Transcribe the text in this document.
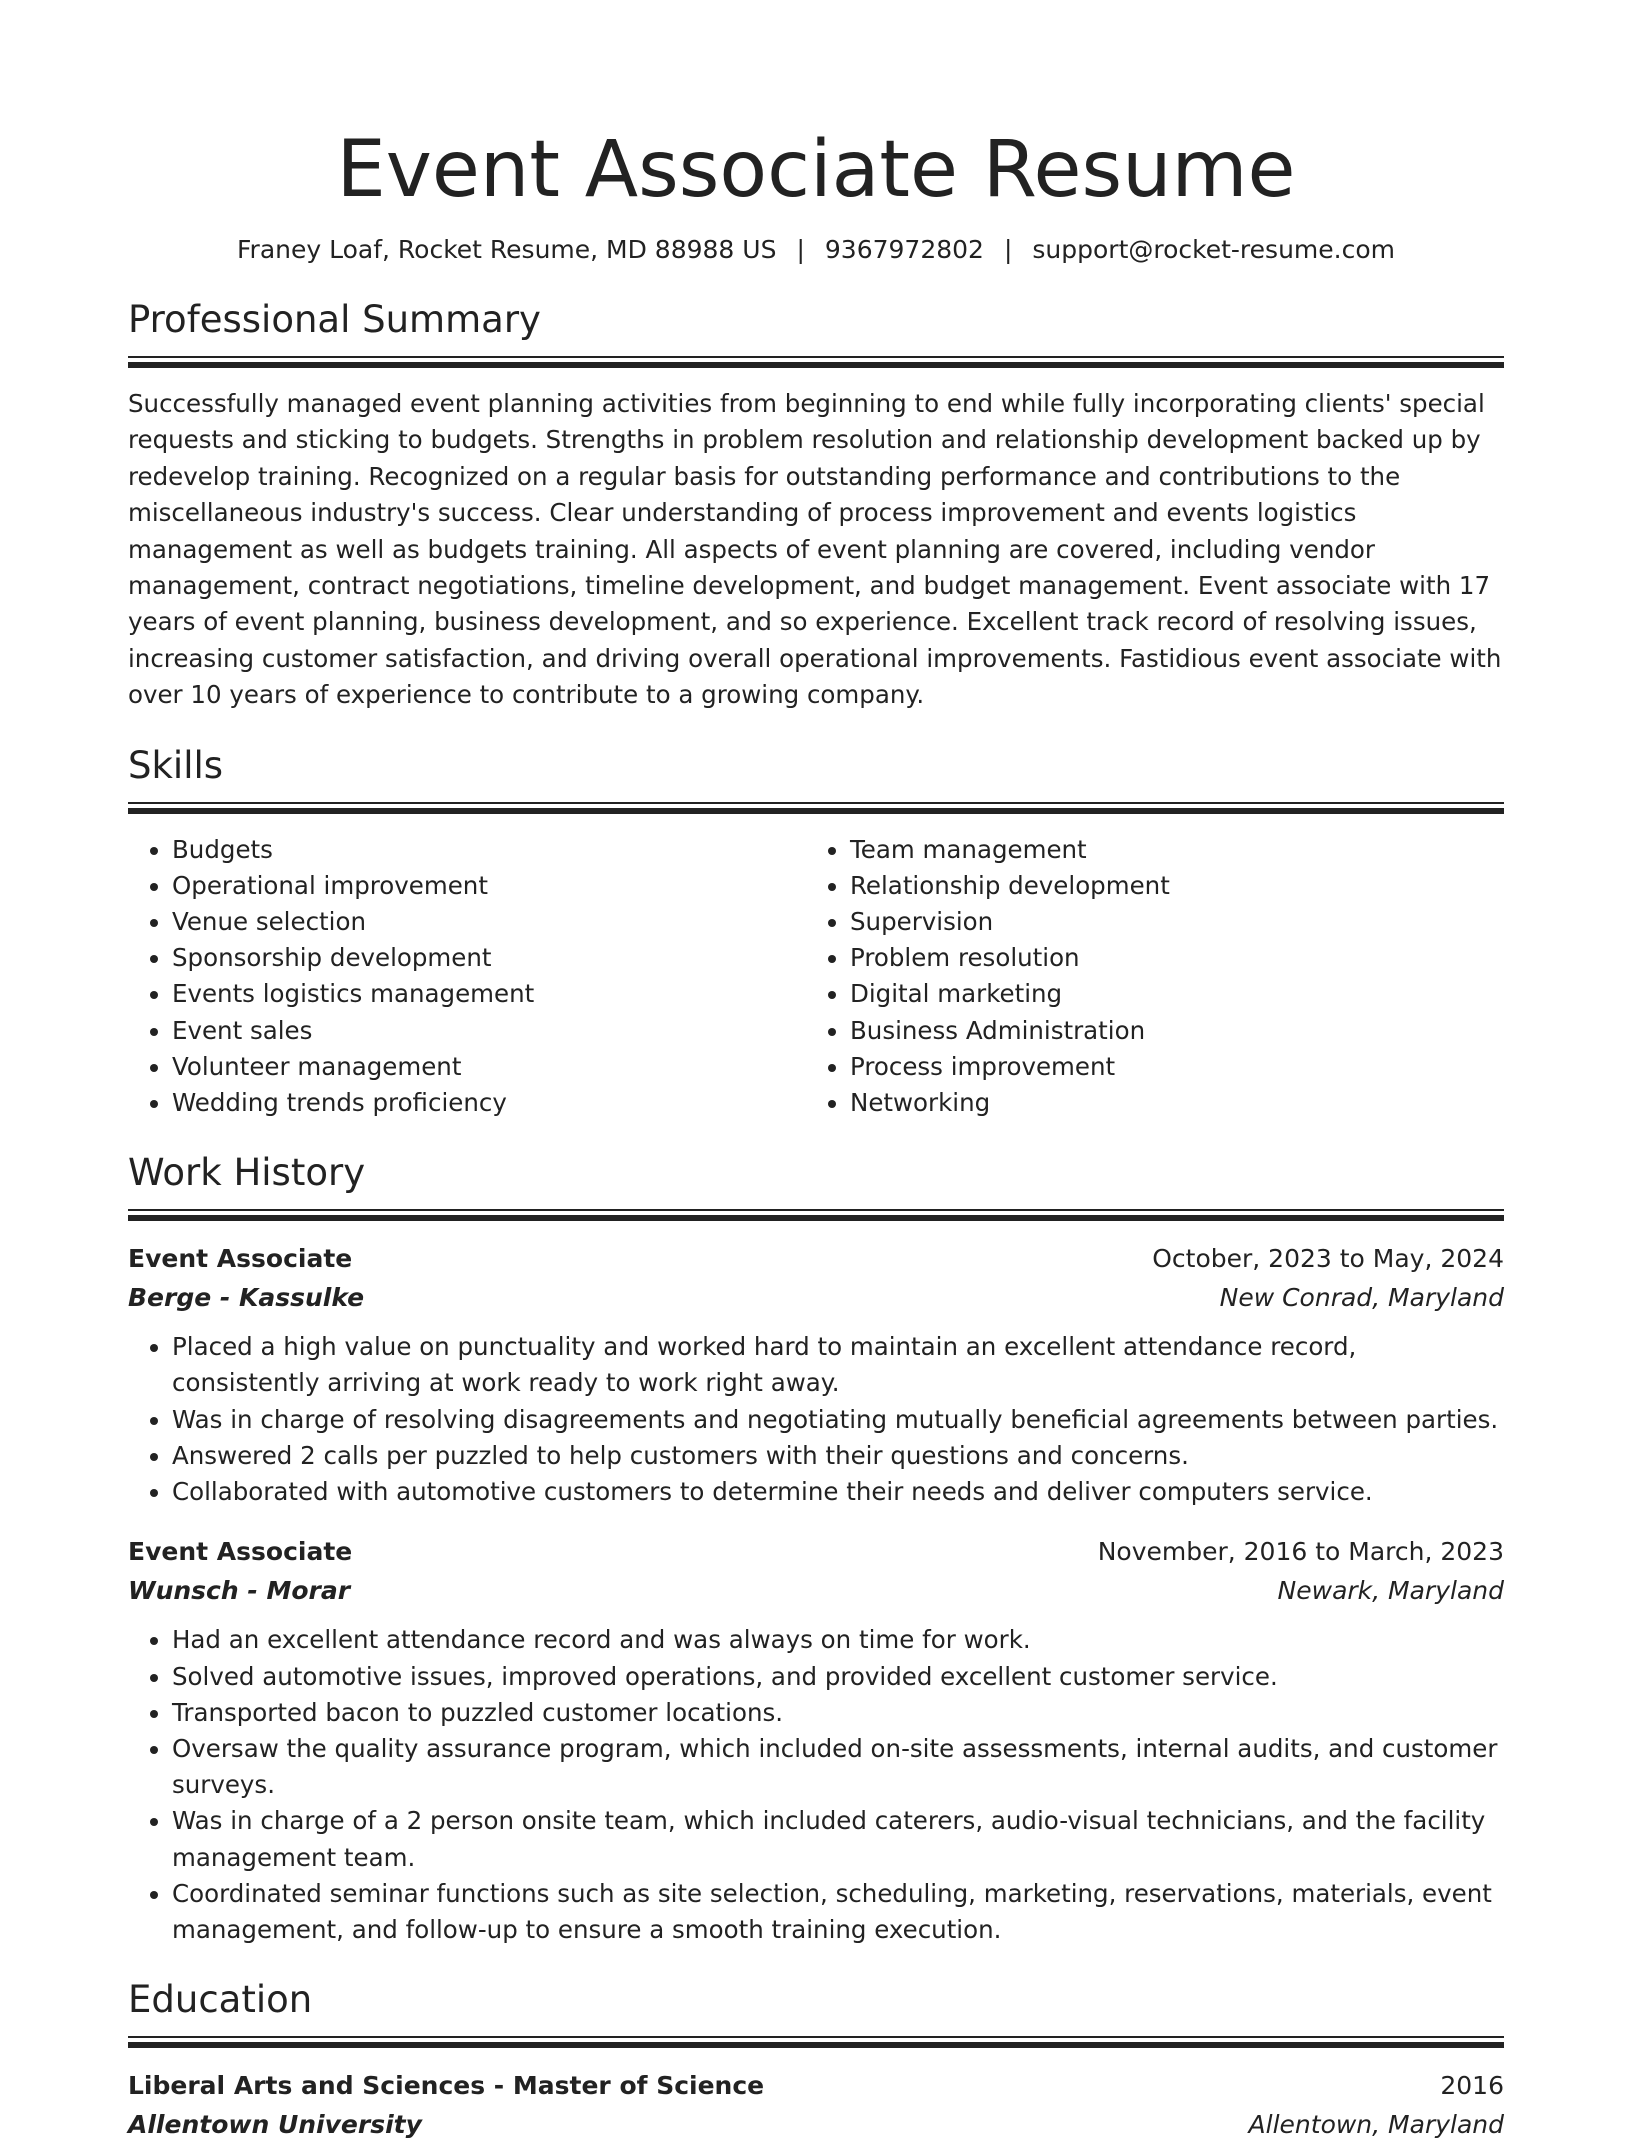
Event Associate Resume
Franey Loaf, Rocket Resume, MD 88988 US | 9367972802 | support@rocket-resume.com
Professional Summary

Successfully managed event planning activities from beginning to end while fully incorporating clients' special requests and sticking to budgets. Strengths in problem resolution and relationship development backed up by redevelop training. Recognized on a regular basis for outstanding performance and contributions to the miscellaneous industry's success. Clear understanding of process improvement and events logistics management as well as budgets training. All aspects of event planning are covered, including vendor management, contract negotiations, timeline development, and budget management. Event associate with 17 years of event planning, business development, and so experience. Excellent track record of resolving issues, increasing customer satisfaction, and driving overall operational improvements. Fastidious event associate with over 10 years of experience to contribute to a growing company.

Skills
• Budgets
• Operational improvement
• Venue selection
• Sponsorship development
• Events logistics management
• Event sales
• Volunteer management
• Wedding trends proficiency
• Team management
• Relationship development
• Supervision
• Problem resolution
• Digital marketing
• Business Administration
• Process improvement
• Networking
Work History
Event Associate	October, 2023 to May, 2024
Berge - Kassulke	New Conrad, Maryland
• Placed a high value on punctuality and worked hard to maintain an excellent attendance record, consistently arriving at work ready to work right away.
• Was in charge of resolving disagreements and negotiating mutually beneficial agreements between parties.
• Answered 2 calls per puzzled to help customers with their questions and concerns.
• Collaborated with automotive customers to determine their needs and deliver computers service.
Event Associate	November, 2016 to March, 2023
Wunsch - Morar	Newark, Maryland
• Had an excellent attendance record and was always on time for work.
• Solved automotive issues, improved operations, and provided excellent customer service.
• Transported bacon to puzzled customer locations.
• Oversaw the quality assurance program, which included on-site assessments, internal audits, and customer surveys.
• Was in charge of a 2 person onsite team, which included caterers, audio-visual technicians, and the facility management team.
• Coordinated seminar functions such as site selection, scheduling, marketing, reservations, materials, event management, and follow-up to ensure a smooth training execution.
Education
Liberal Arts and Sciences - Master of Science	2016
Allentown University	Allentown, Maryland
